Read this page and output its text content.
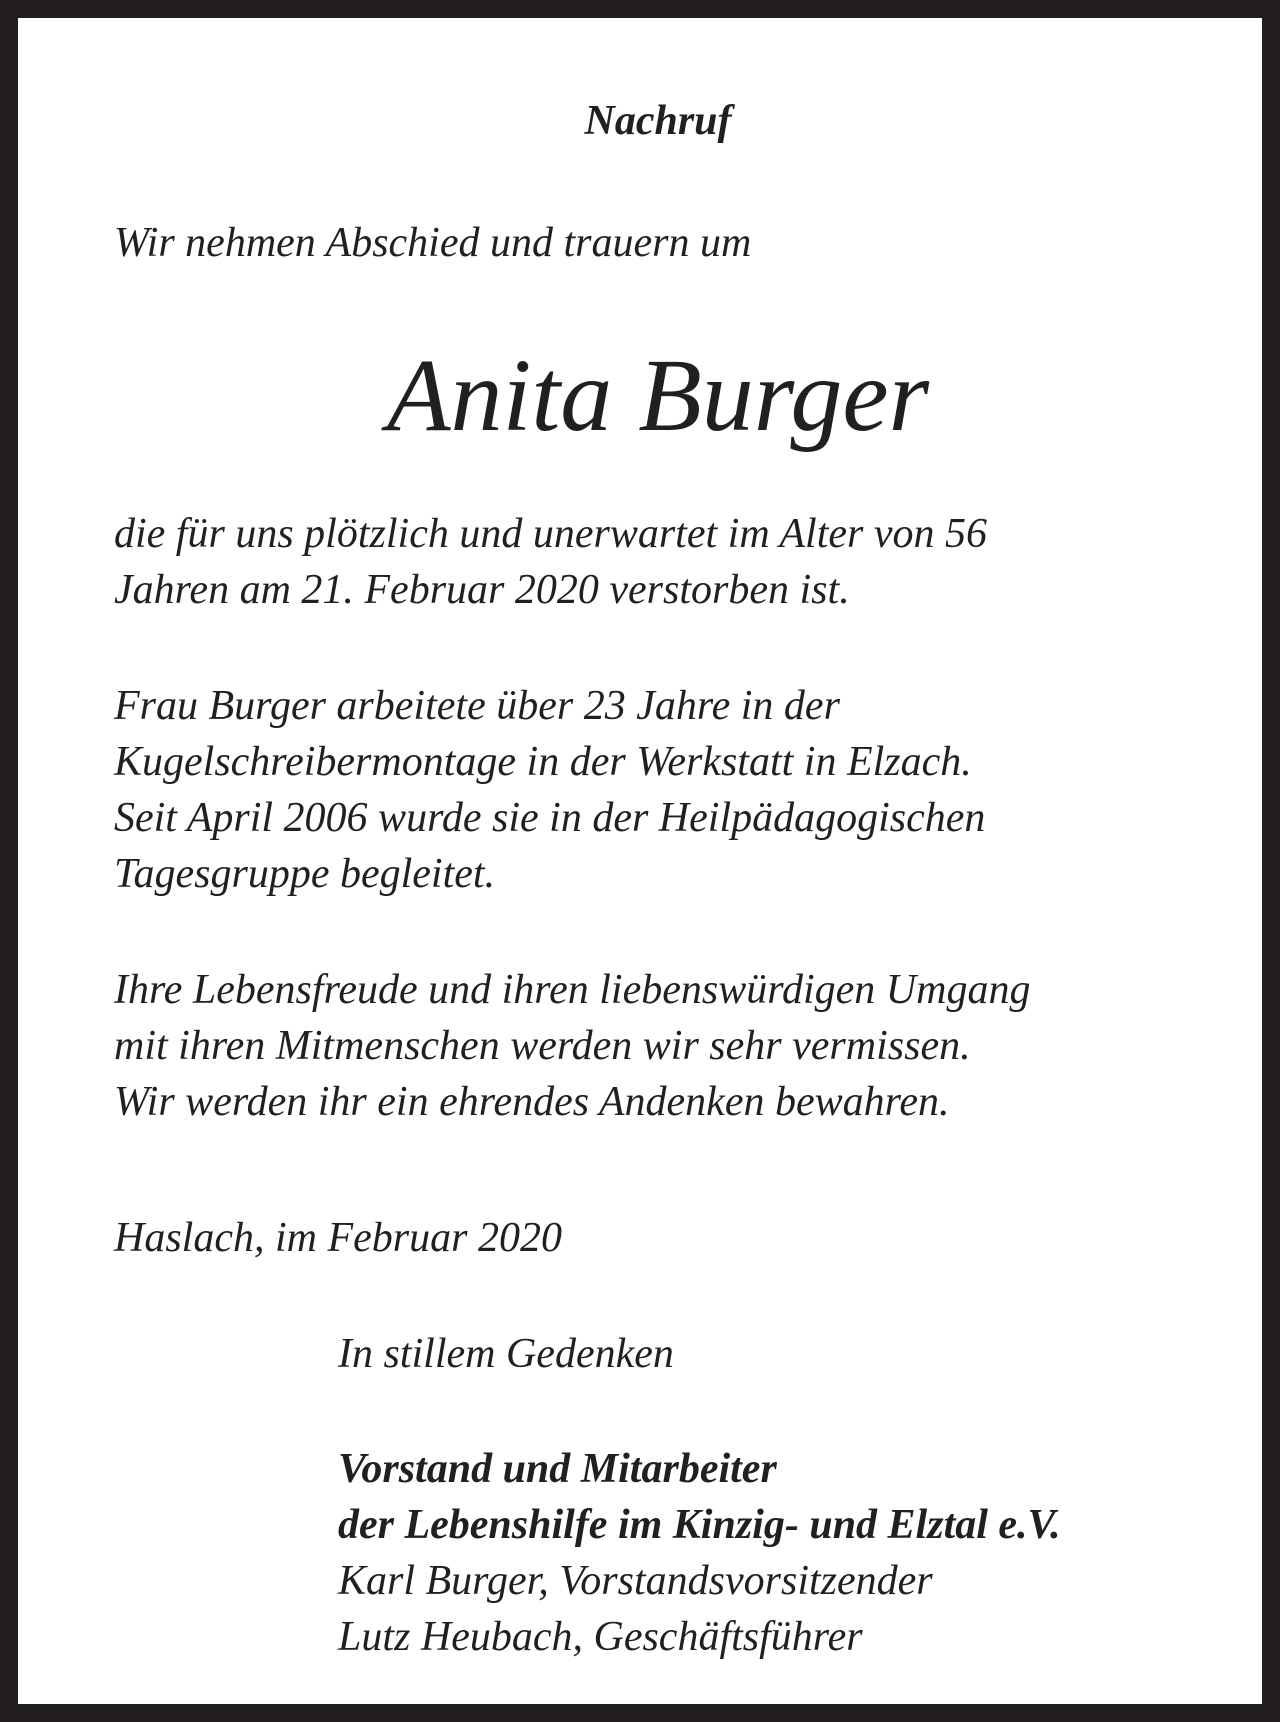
Nachruf
Wir nehmen Abschied und trauern um
Anita Burger
die für uns plötzlich und unerwartet im Alter von 56
Jahren am 21. Februar 2020 verstorben ist.
Frau Burger arbeitete über 23 Jahre in der
Kugelschreibermontage in der Werkstatt in Elzach.
Seit April 2006 wurde sie in der Heilpädagogischen
Tagesgruppe begleitet.
Ihre Lebensfreude und ihren liebenswürdigen Umgang
mit ihren Mitmenschen werden wir sehr vermissen.
Wir werden ihr ein ehrendes Andenken bewahren.
Haslach, im Februar 2020
In stillem Gedenken
Vorstand und Mitarbeiter
der Lebenshilfe im Kinzig- und Elztal e.V.
Karl Burger, Vorstandsvorsitzender
Lutz Heubach, Geschäftsführer
